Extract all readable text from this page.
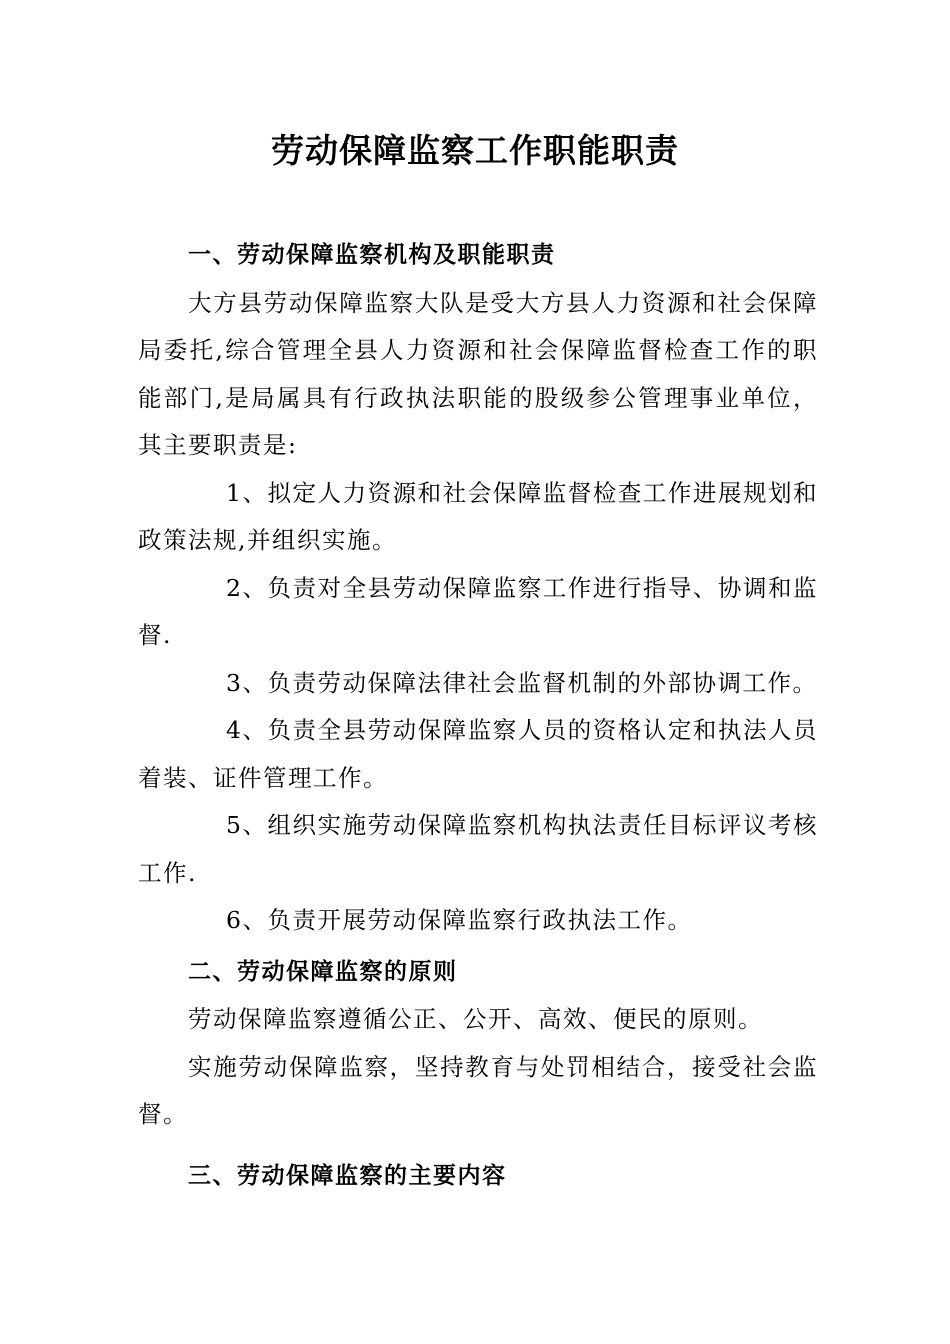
劳动保障监察工作职能职责

一、劳动保障监察机构及职能职责

大方县劳动保障监察大队是受大方县人力资源和社会保障局委托,综合管理全县人力资源和社会保障监督检查工作的职能部门,是局属具有行政执法职能的股级参公管理事业单位，其主要职责是:

1、拟定人力资源和社会保障监督检查工作进展规划和政策法规,并组织实施。

2、负责对全县劳动保障监察工作进行指导、协调和监督.

3、负责劳动保障法律社会监督机制的外部协调工作。

4、负责全县劳动保障监察人员的资格认定和执法人员着装、证件管理工作。

5、组织实施劳动保障监察机构执法责任目标评议考核工作.

6、负责开展劳动保障监察行政执法工作。

二、劳动保障监察的原则

劳动保障监察遵循公正、公开、高效、便民的原则。

实施劳动保障监察，坚持教育与处罚相结合，接受社会监督。

三、劳动保障监察的主要内容
